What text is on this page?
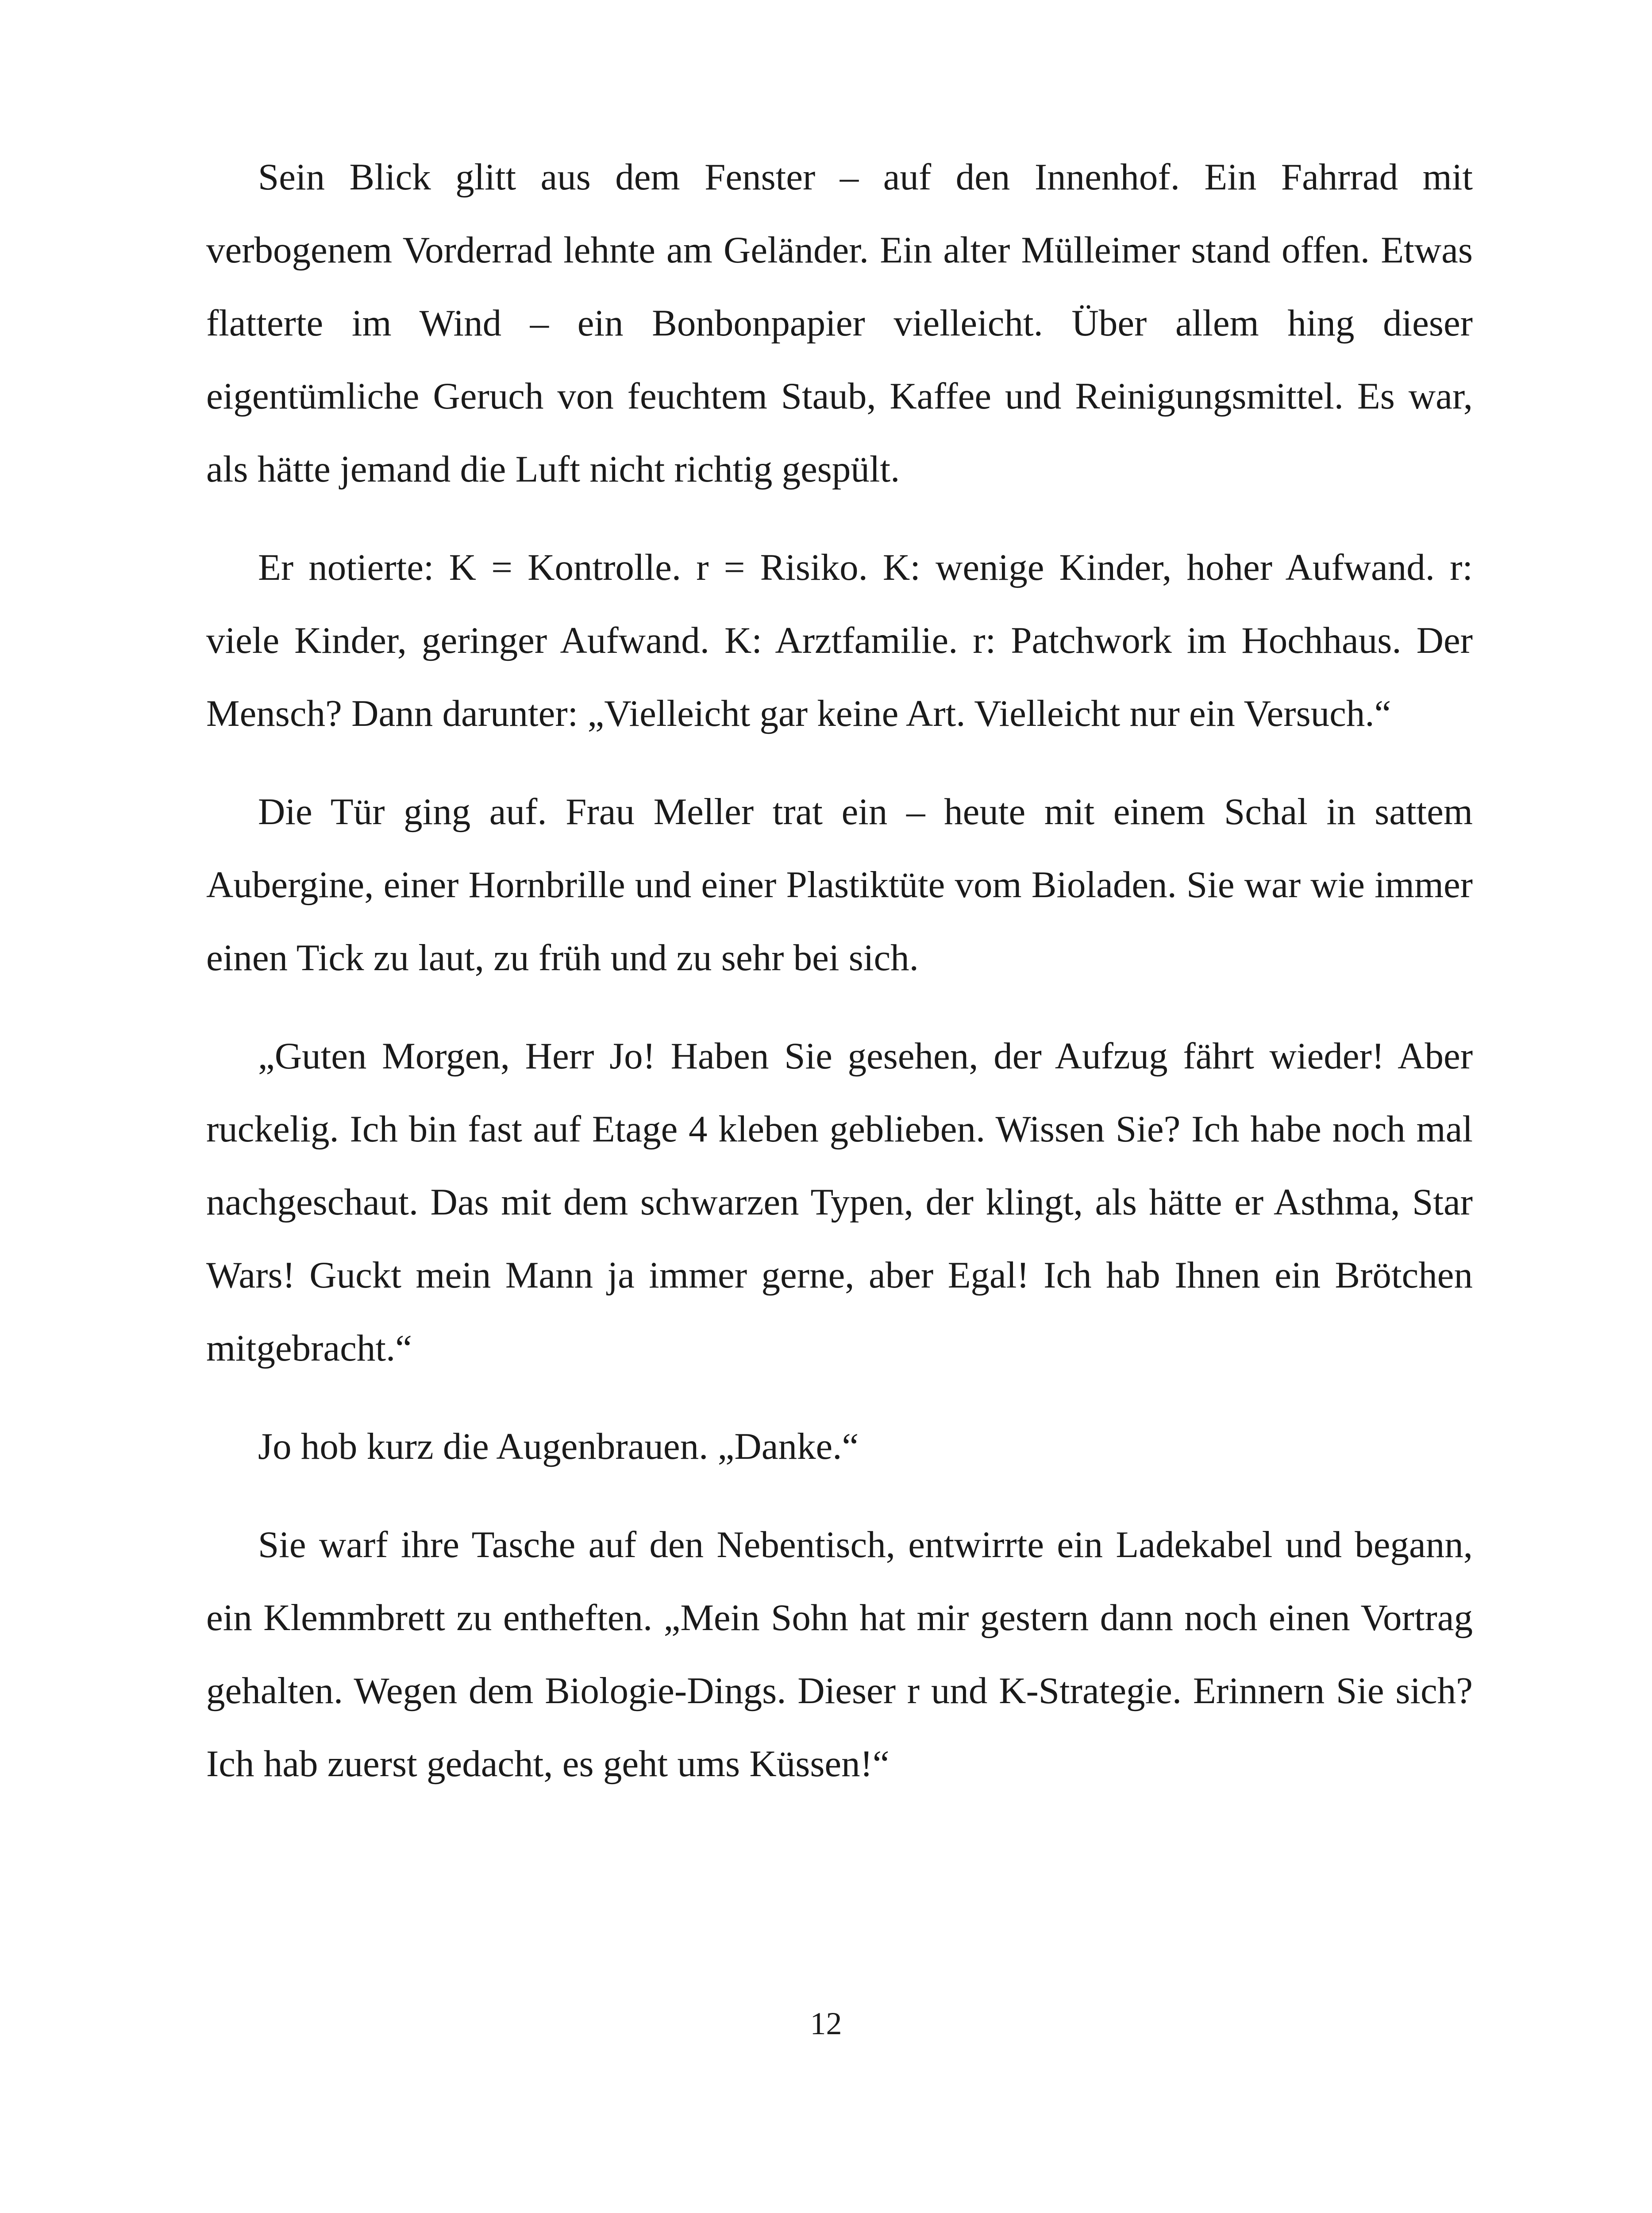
Sein Blick glitt aus dem Fenster – auf den Innenhof. Ein Fahrrad mit verbogenem Vorderrad lehnte am Geländer. Ein alter Mülleimer stand offen. Etwas flatterte im Wind – ein Bonbonpapier vielleicht. Über allem hing dieser eigentümliche Geruch von feuchtem Staub, Kaffee und Reinigungsmittel. Es war, als hätte jemand die Luft nicht richtig gespült.

Er notierte: K = Kontrolle. r = Risiko. K: wenige Kinder, hoher Aufwand. r: viele Kinder, geringer Aufwand. K: Arztfamilie. r: Patchwork im Hochhaus. Der Mensch? Dann darunter: „Vielleicht gar keine Art. Vielleicht nur ein Versuch.“

Die Tür ging auf. Frau Meller trat ein – heute mit einem Schal in sattem Aubergine, einer Hornbrille und einer Plastiktüte vom Bioladen. Sie war wie immer einen Tick zu laut, zu früh und zu sehr bei sich.

„Guten Morgen, Herr Jo! Haben Sie gesehen, der Aufzug fährt wieder! Aber ruckelig. Ich bin fast auf Etage 4 kleben geblieben. Wissen Sie? Ich habe noch mal nachgeschaut. Das mit dem schwarzen Typen, der klingt, als hätte er Asthma, Star Wars! Guckt mein Mann ja immer gerne, aber Egal! Ich hab Ihnen ein Brötchen mitgebracht.“

Jo hob kurz die Augenbrauen. „Danke.“

Sie warf ihre Tasche auf den Nebentisch, entwirrte ein Ladekabel und begann, ein Klemmbrett zu entheften. „Mein Sohn hat mir gestern dann noch einen Vortrag gehalten. Wegen dem Biologie-Dings. Dieser r und K-Strategie. Erinnern Sie sich? Ich hab zuerst gedacht, es geht ums Küssen!“

12
